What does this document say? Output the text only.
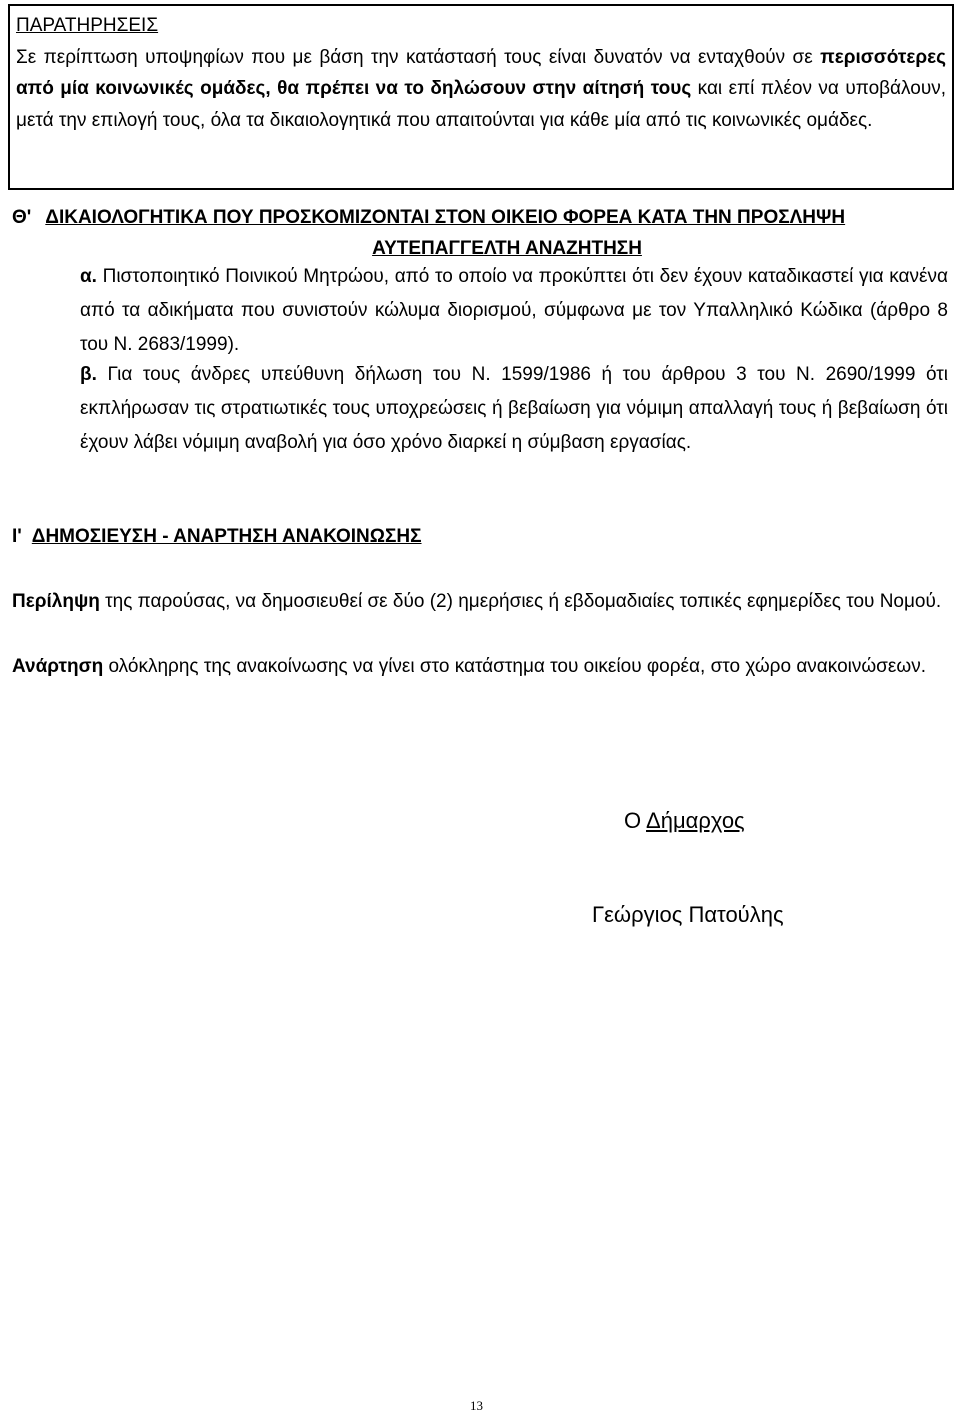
ΠΑΡΑΤΗΡΗΣΕΙΣ

Σε περίπτωση υποψηφίων που με βάση την κατάστασή τους είναι δυνατόν να ενταχθούν σε περισσότερες από μία κοινωνικές ομάδες, θα πρέπει να το δηλώσουν στην αίτησή τους και επί πλέον να υποβάλουν, μετά την επιλογή τους, όλα τα δικαιολογητικά που απαιτούνται για κάθε μία από τις κοινωνικές ομάδες.

Θ' ΔΙΚΑΙΟΛΟΓΗΤΙΚΑ ΠΟΥ ΠΡΟΣΚΟΜΙΖΟΝΤΑΙ ΣΤΟΝ ΟΙΚΕΙΟ ΦΟΡΕΑ ΚΑΤΑ ΤΗΝ ΠΡΟΣΛΗΨΗ
ΑΥΤΕΠΑΓΓΕΛΤΗ ΑΝΑΖΗΤΗΣΗ

α. Πιστοποιητικό Ποινικού Μητρώου, από το οποίο να προκύπτει ότι δεν έχουν καταδικαστεί για κανένα από τα αδικήματα που συνιστούν κώλυμα διορισμού, σύμφωνα με τον Υπαλληλικό Κώδικα (άρθρο 8 του Ν. 2683/1999).

β. Για τους άνδρες υπεύθυνη δήλωση του Ν. 1599/1986 ή του άρθρου 3 του Ν. 2690/1999 ότι εκπλήρωσαν τις στρατιωτικές τους υποχρεώσεις ή βεβαίωση για νόμιμη απαλλαγή τους ή βεβαίωση ότι έχουν λάβει νόμιμη αναβολή για όσο χρόνο διαρκεί η σύμβαση εργασίας.

Ι' ΔΗΜΟΣΙΕΥΣΗ - ΑΝΑΡΤΗΣΗ ΑΝΑΚΟΙΝΩΣΗΣ

Περίληψη της παρούσας, να δημοσιευθεί σε δύο (2) ημερήσιες ή εβδομαδιαίες τοπικές εφημερίδες του Νομού.

Ανάρτηση ολόκληρης της ανακοίνωσης να γίνει στο κατάστημα του οικείου φορέα, στο χώρο ανακοινώσεων.

Ο Δήμαρχος
Γεώργιος Πατούλης
13
